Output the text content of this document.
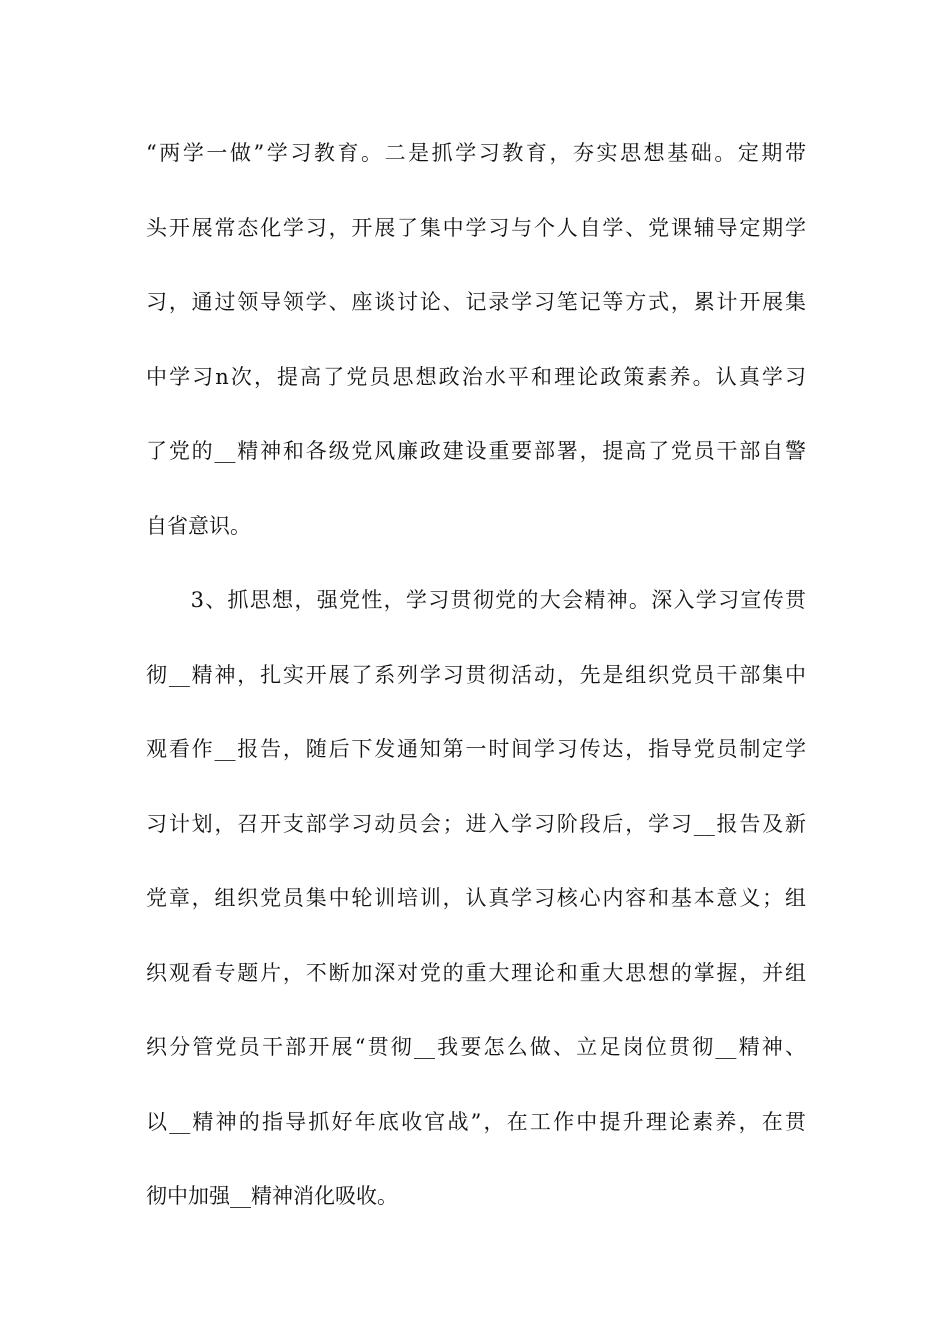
“两学一做”学习教育。二是抓学习教育，夯实思想基础。定期带
头开展常态化学习，开展了集中学习与个人自学、党课辅导定期学
习，通过领导领学、座谈讨论、记录学习笔记等方式，累计开展集
中学习n次，提高了党员思想政治水平和理论政策素养。认真学习
了党的__精神和各级党风廉政建设重要部署，提高了党员干部自警
自省意识。
　　3、抓思想，强党性，学习贯彻党的大会精神。深入学习宣传贯
彻__精神，扎实开展了系列学习贯彻活动，先是组织党员干部集中
观看作__报告，随后下发通知第一时间学习传达，指导党员制定学
习计划，召开支部学习动员会；进入学习阶段后，学习__报告及新
党章，组织党员集中轮训培训，认真学习核心内容和基本意义；组
织观看专题片，不断加深对党的重大理论和重大思想的掌握，并组
织分管党员干部开展“贯彻__我要怎么做、立足岗位贯彻__精神、
以__精神的指导抓好年底收官战”，在工作中提升理论素养，在贯
彻中加强__精神消化吸收。
